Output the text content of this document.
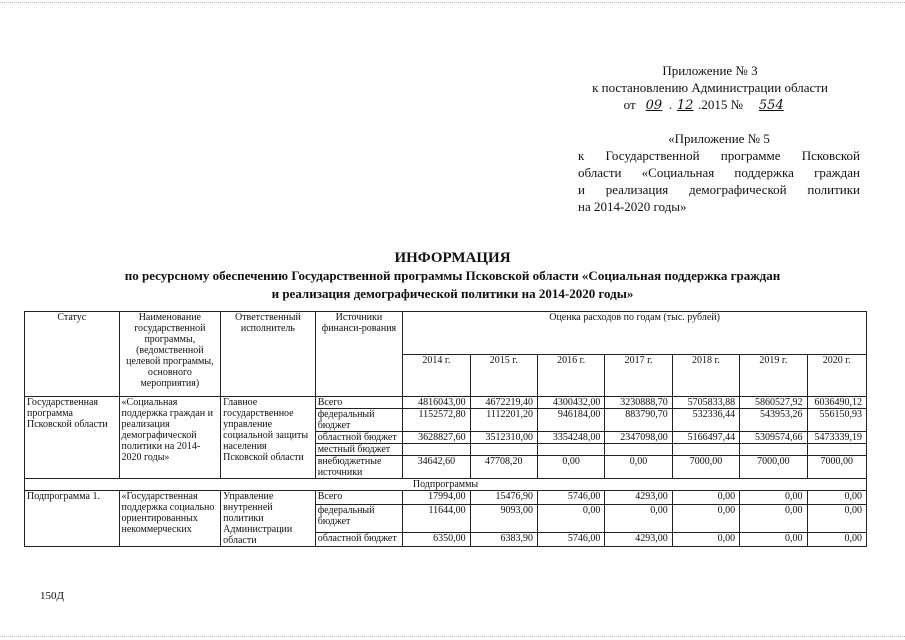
Приложение № 3
к постановлению Администрации области
от 09 . 12 .2015 № 554
«Приложение № 5
к Государственной программе Псковской
области «Социальная поддержка граждан
и реализация демографической политики
на 2014-2020 годы»
ИНФОРМАЦИЯ
по ресурсному обеспечению Государственной программы Псковской области «Социальная поддержка граждан
и реализация демографической политики на 2014-2020 годы»
Статус	Наименование государственной программы, (ведомственной целевой программы, основного мероприятия)	Ответственный исполнитель	Источники финанси-рования	Оценка расходов по годам (тыс. рублей)						
				2014 г.	2015 г.	2016 г.	2017 г.	2018 г.	2019 г.	2020 г.
Государственная программа Псковской области	«Социальная поддержка граждан и реализация демографической политики на 2014-2020 годы»	Главное государственное управление социальной защиты населения Псковской области	Всего	4816043,00	4672219,40	4300432,00	3230888,70	5705833,88	5860527,92	6036490,12
			федеральный бюджет	1152572,80	1112201,20	946184,00	883790,70	532336,44	543953,26	556150,93
			областной бюджет	3628827,60	3512310,00	3354248,00	2347098,00	5166497,44	5309574,66	5473339,19
			местный бюджет							
			внебюджетные источники	34642,60	47708,20	0,00	0,00	7000,00	7000,00	7000,00
Подпрограммы										
Подпрограмма 1.	«Государственная поддержка социально ориентированных некоммерческих	Управление внутренней политики Администрации области	Всего	17994,00	15476,90	5746,00	4293,00	0,00	0,00	0,00
			федеральный бюджет	11644,00	9093,00	0,00	0,00	0,00	0,00	0,00
			областной бюджет	6350,00	6383,90	5746,00	4293,00	0,00	0,00	0,00
150Д
